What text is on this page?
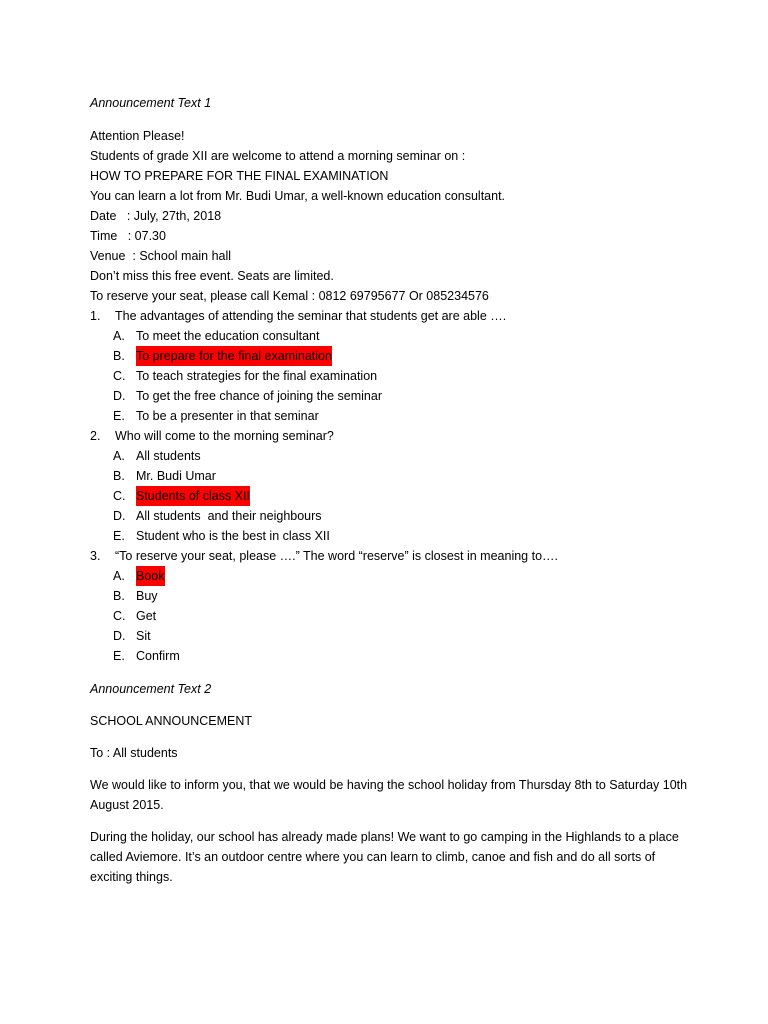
Announcement Text 1
Attention Please!
Students of grade XII are welcome to attend a morning seminar on :
HOW TO PREPARE FOR THE FINAL EXAMINATION
You can learn a lot from Mr. Budi Umar, a well-known education consultant.
Date   : July, 27th, 2018
Time   : 07.30
Venue  : School main hall
Don’t miss this free event. Seats are limited.
To reserve your seat, please call Kemal : 0812 69795677 Or 085234576
1.	The advantages of attending the seminar that students get are able ….
A. To meet the education consultant
B. To prepare for the final examination
C. To teach strategies for the final examination
D. To get the free chance of joining the seminar
E. To be a presenter in that seminar
2.	Who will come to the morning seminar?
A. All students
B. Mr. Budi Umar
C. Students of class XII
D. All students  and their neighbours
E. Student who is the best in class XII
3.	“To reserve your seat, please ….” The word “reserve” is closest in meaning to….
A. Book
B. Buy
C. Get
D. Sit
E. Confirm
Announcement Text 2
SCHOOL ANNOUNCEMENT
To : All students
We would like to inform you, that we would be having the school holiday from Thursday 8th to Saturday 10th August 2015.
During the holiday, our school has already made plans! We want to go camping in the Highlands to a place called Aviemore. It’s an outdoor centre where you can learn to climb, canoe and fish and do all sorts of exciting things.
